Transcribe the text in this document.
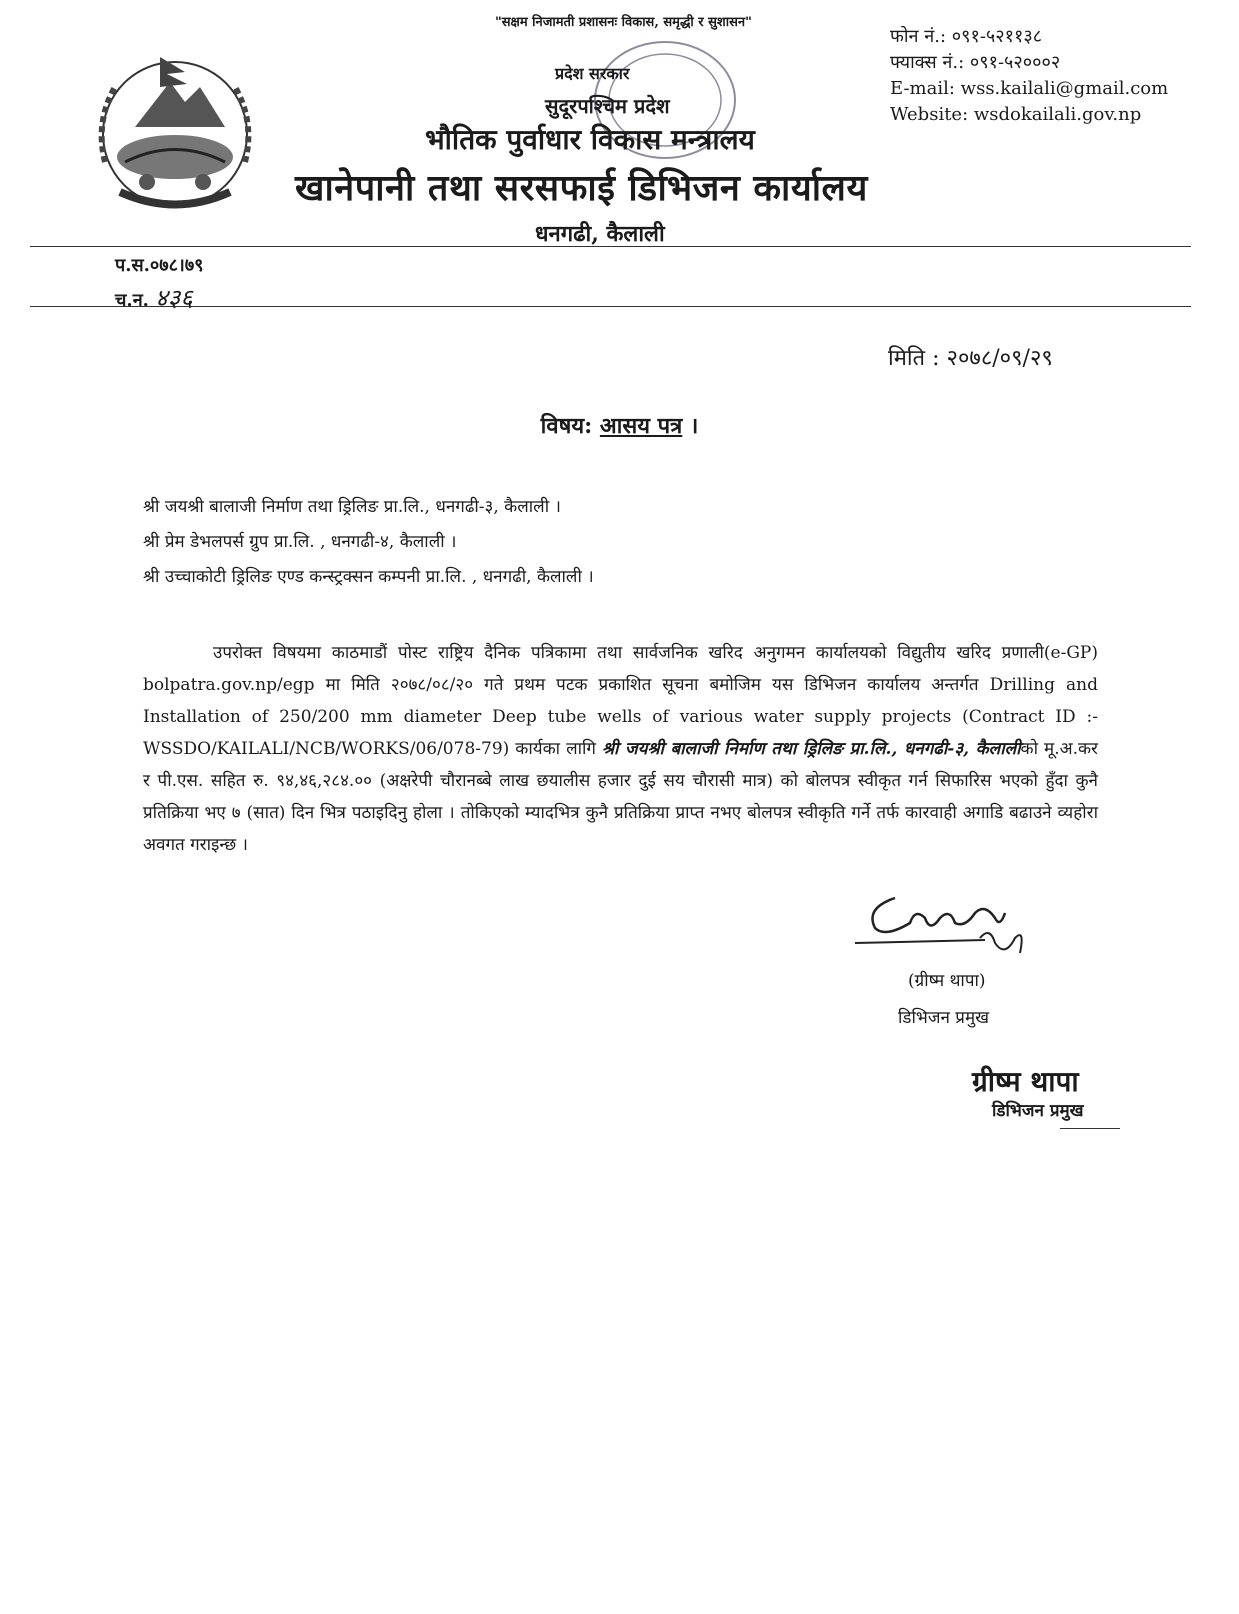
"सक्षम निजामती प्रशासनः विकास, समृद्धी र सुशासन"
प्रदेश सरकार
सुदूरपश्चिम प्रदेश
भौतिक पुर्वाधार विकास मन्त्रालय
खानेपानी तथा सरसफाई डिभिजन कार्यालय
धनगढी, कैलाली
फोन नं.: ०९१-५२११३८
फ्याक्स नं.: ०९१-५२०००२
E-mail: wss.kailali@gmail.com
Website: wsdokailali.gov.np
प.स.०७८।७९
च.न. ४३६
मिति : २०७८/०९/२९
विषय: आसय पत्र ।
श्री जयश्री बालाजी निर्माण तथा ड्रिलिङ प्रा.लि., धनगढी-३, कैलाली ।
श्री प्रेम डेभलपर्स ग्रुप प्रा.लि. , धनगढी-४, कैलाली ।
श्री उच्चाकोटी ड्रिलिङ एण्ड कन्स्ट्रक्सन कम्पनी प्रा.लि. , धनगढी, कैलाली ।
उपरोक्त विषयमा काठमाडौं पोस्ट राष्ट्रिय दैनिक पत्रिकामा तथा सार्वजनिक खरिद अनुगमन कार्यालयको विद्युतीय खरिद प्रणाली(e-GP) bolpatra.gov.np/egp मा मिति २०७८/०८/२० गते प्रथम पटक प्रकाशित सूचना बमोजिम यस डिभिजन कार्यालय अन्तर्गत Drilling and Installation of 250/200 mm diameter Deep tube wells of various water supply projects (Contract ID :- WSSDO/KAILALI/NCB/WORKS/06/078-79) कार्यका लागि श्री जयश्री बालाजी निर्माण तथा ड्रिलिङ प्रा.लि., धनगढी-३, कैलालीको मू.अ.कर र पी.एस. सहित रु. ९४,४६,२८४.०० (अक्षरेपी चौरानब्बे लाख छयालीस हजार दुई सय चौरासी मात्र) को बोलपत्र स्वीकृत गर्न सिफारिस भएको हुँदा कुनै प्रतिक्रिया भए ७ (सात) दिन भित्र पठाइदिनु होला । तोकिएको म्यादभित्र कुनै प्रतिक्रिया प्राप्त नभए बोलपत्र स्वीकृति गर्ने तर्फ कारवाही अगाडि बढाउने व्यहोरा अवगत गराइन्छ ।
(ग्रीष्म थापा)
डिभिजन प्रमुख
ग्रीष्म थापा
डिभिजन प्रमुख
